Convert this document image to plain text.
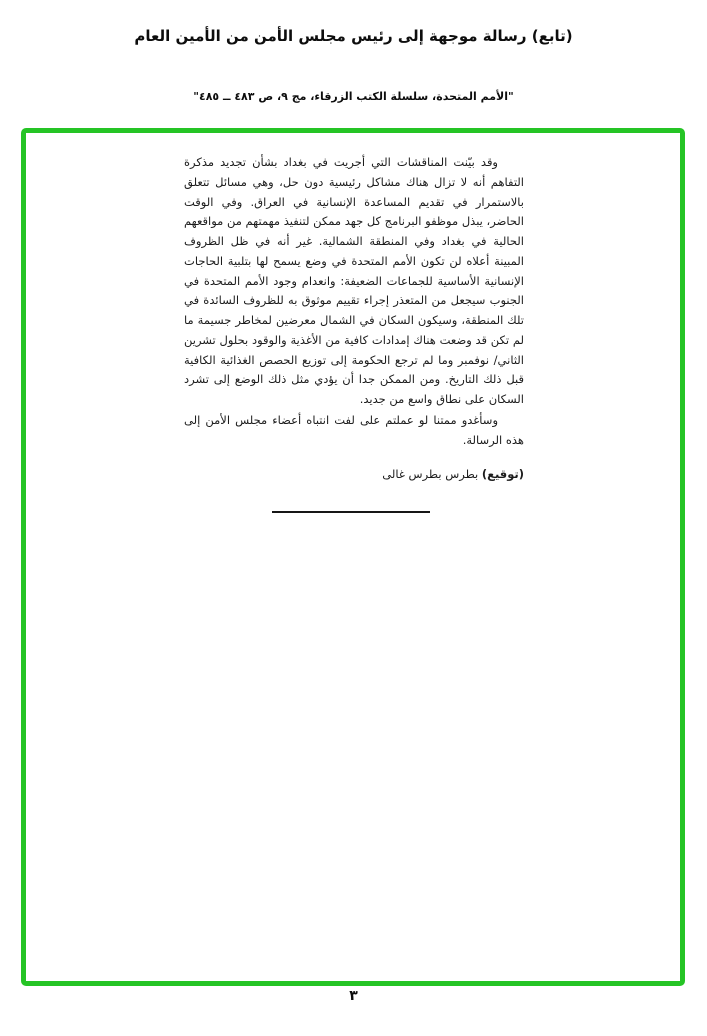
(تابع) رسالة موجهة إلى رئيس مجلس الأمن من الأمين العام
"الأمم المتحدة، سلسلة الكتب الزرقاء، مج ٩، ص ٤٨٣ ــ ٤٨٥"

وقد بيّنت المناقشات التي أجريت في بغداد بشأن تجديد مذكرة التفاهم أنه لا تزال هناك مشاكل رئيسية دون حل، وهي مسائل تتعلق بالاستمرار في تقديم المساعدة الإنسانية في العراق. وفي الوقت الحاضر، يبذل موظفو البرنامج كل جهد ممكن لتنفيذ مهمتهم من مواقعهم الحالية في بغداد وفي المنطقة الشمالية. غير أنه في ظل الظروف المبينة أعلاه لن تكون الأمم المتحدة في وضع يسمح لها بتلبية الحاجات الإنسانية الأساسية للجماعات الضعيفة: وانعدام وجود الأمم المتحدة في الجنوب سيجعل من المتعذر إجراء تقييم موثوق به للظروف السائدة في تلك المنطقة، وسيكون السكان في الشمال معرضين لمخاطر جسيمة ما لم تكن قد وضعت هناك إمدادات كافية من الأغذية والوقود بحلول تشرين الثاني/ نوفمبر وما لم ترجع الحكومة إلى توزيع الحصص الغذائية الكافية قبل ذلك التاريخ. ومن الممكن جدا أن يؤدي مثل ذلك الوضع إلى تشرد السكان على نطاق واسع من جديد.

وسأغدو ممتنا لو عملتم على لفت انتباه أعضاء مجلس الأمن إلى هذه الرسالة.

(توقيع) بطرس بطرس غالى
٣
